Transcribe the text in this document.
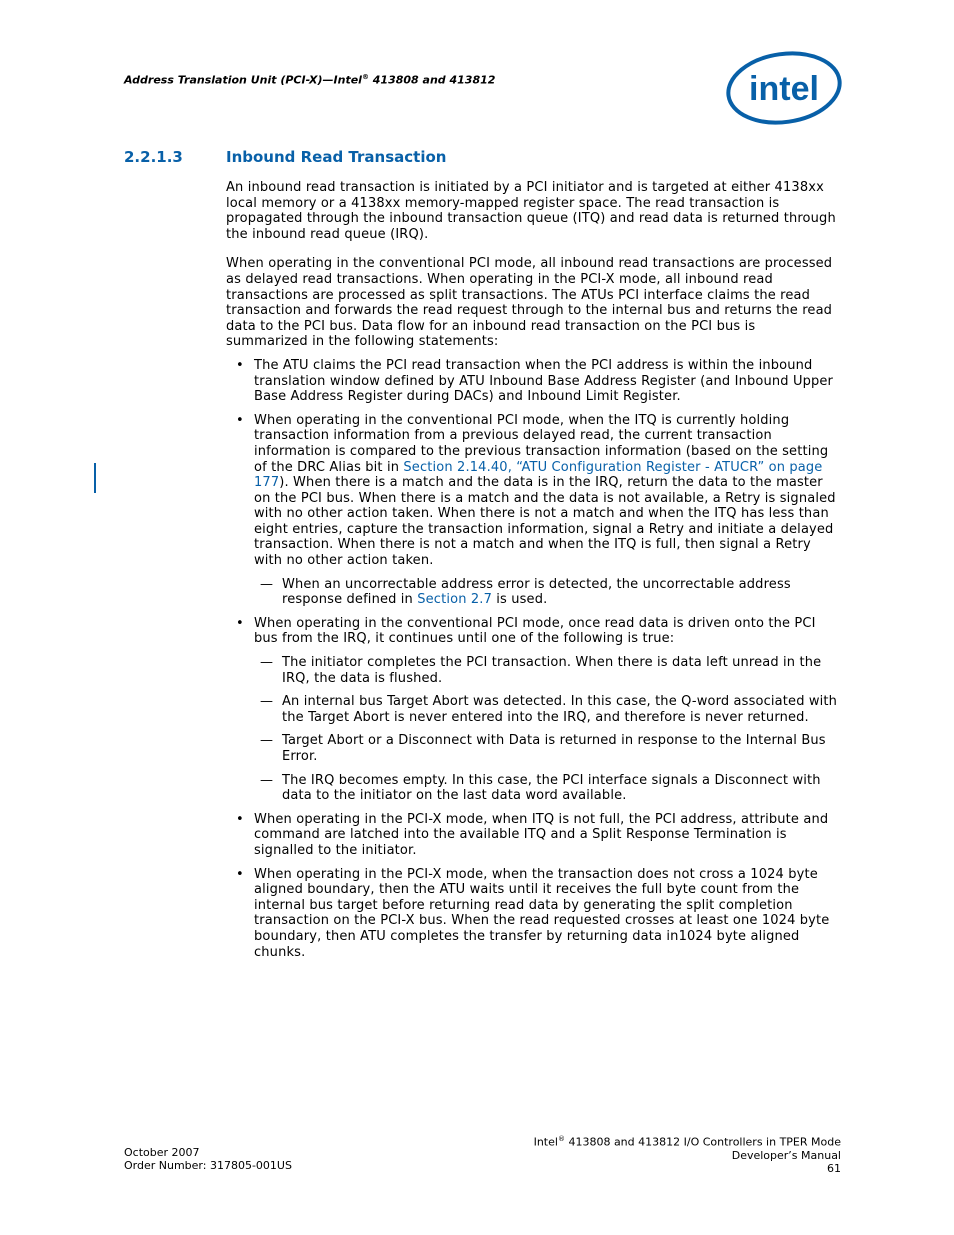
Address Translation Unit (PCI-X)—Intel® 413808 and 413812	intel
2.2.1.3	Inbound Read Transaction

An inbound read transaction is initiated by a PCI initiator and is targeted at either 4138xx local memory or a 4138xx memory-mapped register space. The read transaction is propagated through the inbound transaction queue (ITQ) and read data is returned through the inbound read queue (IRQ).

When operating in the conventional PCI mode, all inbound read transactions are processed as delayed read transactions. When operating in the PCI-X mode, all inbound read transactions are processed as split transactions. The ATUs PCI interface claims the read transaction and forwards the read request through to the internal bus and returns the read data to the PCI bus. Data flow for an inbound read transaction on the PCI bus is summarized in the following statements:

• The ATU claims the PCI read transaction when the PCI address is within the inbound translation window defined by ATU Inbound Base Address Register (and Inbound Upper Base Address Register during DACs) and Inbound Limit Register.
• When operating in the conventional PCI mode, when the ITQ is currently holding transaction information from a previous delayed read, the current transaction information is compared to the previous transaction information (based on the setting of the DRC Alias bit in Section 2.14.40, “ATU Configuration Register - ATUCR” on page 177). When there is a match and the data is in the IRQ, return the data to the master on the PCI bus. When there is a match and the data is not available, a Retry is signaled with no other action taken. When there is not a match and when the ITQ has less than eight entries, capture the transaction information, signal a Retry and initiate a delayed transaction. When there is not a match and when the ITQ is full, then signal a Retry with no other action taken.
— When an uncorrectable address error is detected, the uncorrectable address response defined in Section 2.7 is used.
• When operating in the conventional PCI mode, once read data is driven onto the PCI bus from the IRQ, it continues until one of the following is true:
— The initiator completes the PCI transaction. When there is data left unread in the IRQ, the data is flushed.
— An internal bus Target Abort was detected. In this case, the Q-word associated with the Target Abort is never entered into the IRQ, and therefore is never returned.
— Target Abort or a Disconnect with Data is returned in response to the Internal Bus Error.
— The IRQ becomes empty. In this case, the PCI interface signals a Disconnect with data to the initiator on the last data word available.
• When operating in the PCI-X mode, when ITQ is not full, the PCI address, attribute and command are latched into the available ITQ and a Split Response Termination is signalled to the initiator.
• When operating in the PCI-X mode, when the transaction does not cross a 1024 byte aligned boundary, then the ATU waits until it receives the full byte count from the internal bus target before returning read data by generating the split completion transaction on the PCI-X bus. When the read requested crosses at least one 1024 byte boundary, then ATU completes the transfer by returning data in1024 byte aligned chunks.
October 2007
Order Number: 317805-001US
Intel® 413808 and 413812 I/O Controllers in TPER Mode
Developer’s Manual
61
